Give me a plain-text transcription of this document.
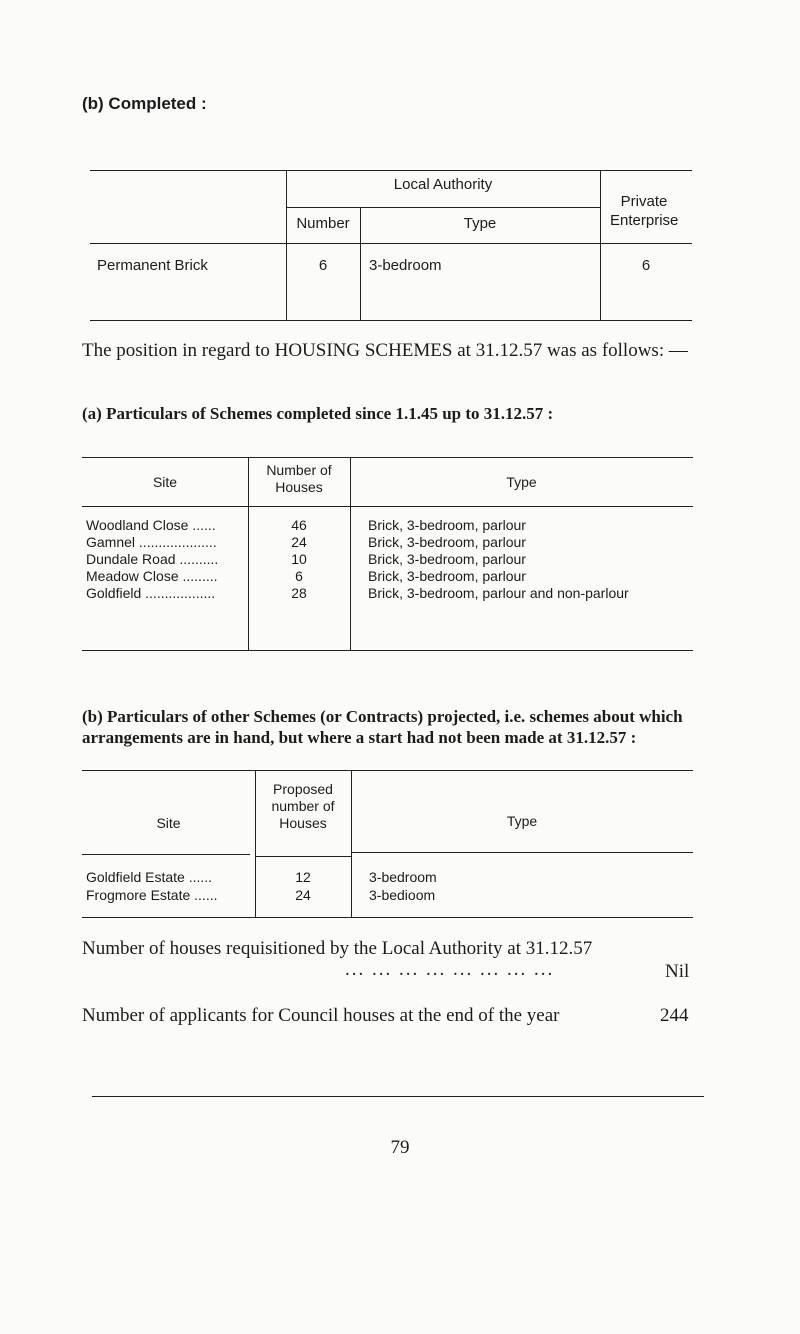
(b) Completed :
Local Authority
Private Enterprise
Number	Type
Permanent Brick	6	3-bedroom	6
The position in regard to HOUSING SCHEMES at 31.12.57 was as follows: —
(a) Particulars of Schemes completed since 1.1.45 up to 31.12.57 :
Site
Number of Houses	Type
Woodland Close ......	46	Brick, 3-bedroom, parlour
Gamnel ....................	24	Brick, 3-bedroom, parlour
Dundale Road ..........	10	Brick, 3-bedroom, parlour
Meadow Close .........	6	Brick, 3-bedroom, parlour
Goldfield ..................	28	Brick, 3-bedroom, parlour and non-parlour
(b) Particulars of other Schemes (or Contracts) projected, i.e. schemes about which arrangements are in hand, but where a start had not been made at 31.12.57 :
Site
Proposed number of Houses	Type
Goldfield Estate ......	12	3-bedroom
Frogmore Estate ......	24	3-bedioom
Number of houses requisitioned by the Local Authority at 31.12.57
... ... ... ... ... ... ... ...	Nil
Number of applicants for Council houses at the end of the year	244
79
